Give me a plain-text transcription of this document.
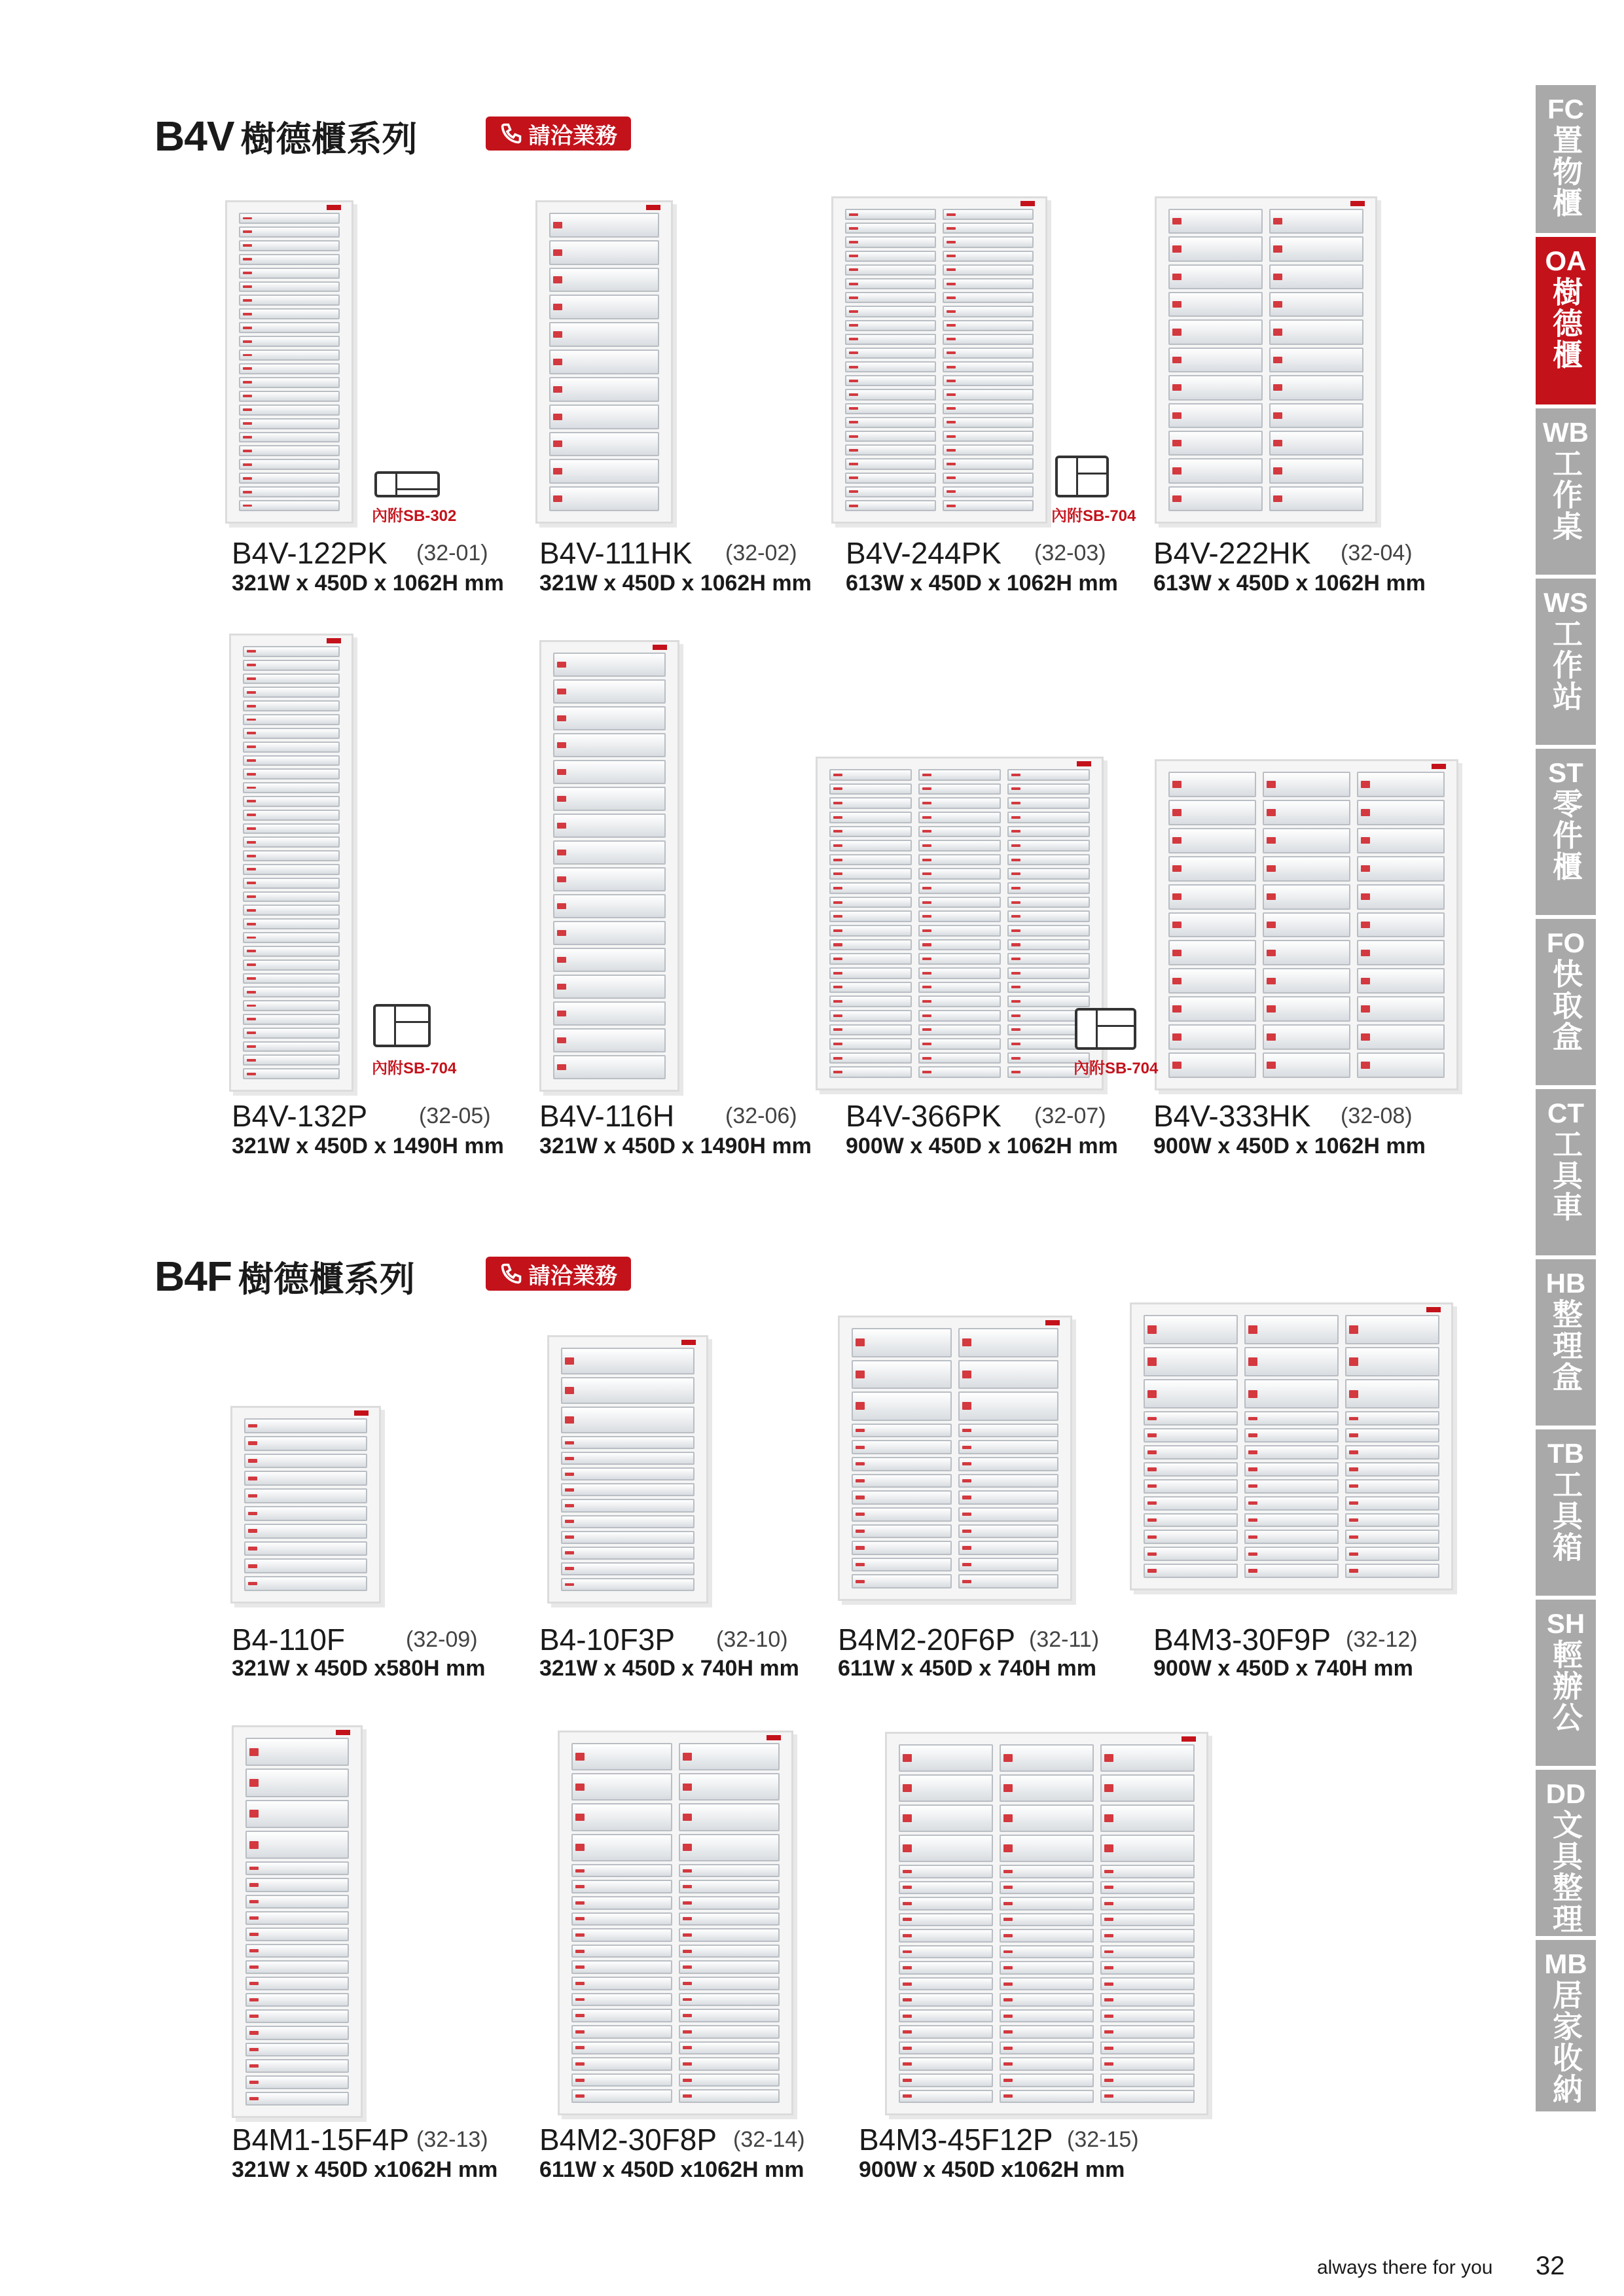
B4V 樹德櫃系列	請洽業務
內附SB-302	內附SB-704
B4V-122PK (32-01)
321W x 450D x 1062H mm
B4V-111HK (32-02)
321W x 450D x 1062H mm
B4V-244PK (32-03)
613W x 450D x 1062H mm
B4V-222HK (32-04)
613W x 450D x 1062H mm
內附SB-704	內附SB-704
B4V-132P (32-05)
321W x 450D x 1490H mm
B4V-116H (32-06)
321W x 450D x 1490H mm
B4V-366PK (32-07)
900W x 450D x 1062H mm
B4V-333HK (32-08)
900W x 450D x 1062H mm
B4F 樹德櫃系列	請洽業務
B4-110F	(32-09)
321W x 450D x580H mm
B4-10F3P (32-10)
321W x 450D x 740H mm
B4M2-20F6P (32-11)
611W x 450D x 740H mm
B4M3-30F9P (32-12)
900W x 450D x 740H mm
B4M1-15F4P (32-13)
321W x 450D x1062H mm
B4M2-30F8P (32-14)
611W x 450D x1062H mm
B4M3-45F12P (32-15)
900W x 450D x1062H mm
FC
置物櫃
OA
樹德櫃
WB
工作桌
WS
工作站
ST
零件櫃
FO
快取盒
CT
工具車
HB
整理盒
TB
工具箱
SH
輕辦公
DD
文具整理
MB
居家收納
always there for you 32
